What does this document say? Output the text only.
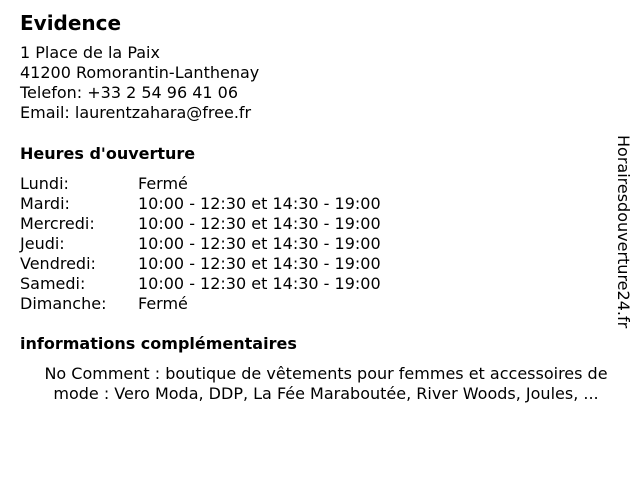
Evidence
1 Place de la Paix
41200 Romorantin-Lanthenay
Telefon: +33 2 54 96 41 06
Email: laurentzahara@free.fr
Heures d'ouverture
Lundi:	Fermé
Mardi:	10:00 - 12:30 et 14:30 - 19:00
Mercredi:	10:00 - 12:30 et 14:30 - 19:00
Jeudi:	10:00 - 12:30 et 14:30 - 19:00
Vendredi:	10:00 - 12:30 et 14:30 - 19:00
Samedi:	10:00 - 12:30 et 14:30 - 19:00
Dimanche:	Fermé
informations complémentaires
No Comment : boutique de vêtements pour femmes et accessoires de mode : Vero Moda, DDP, La Fée Maraboutée, River Woods, Joules, ...
Horairesdouverture24.fr
